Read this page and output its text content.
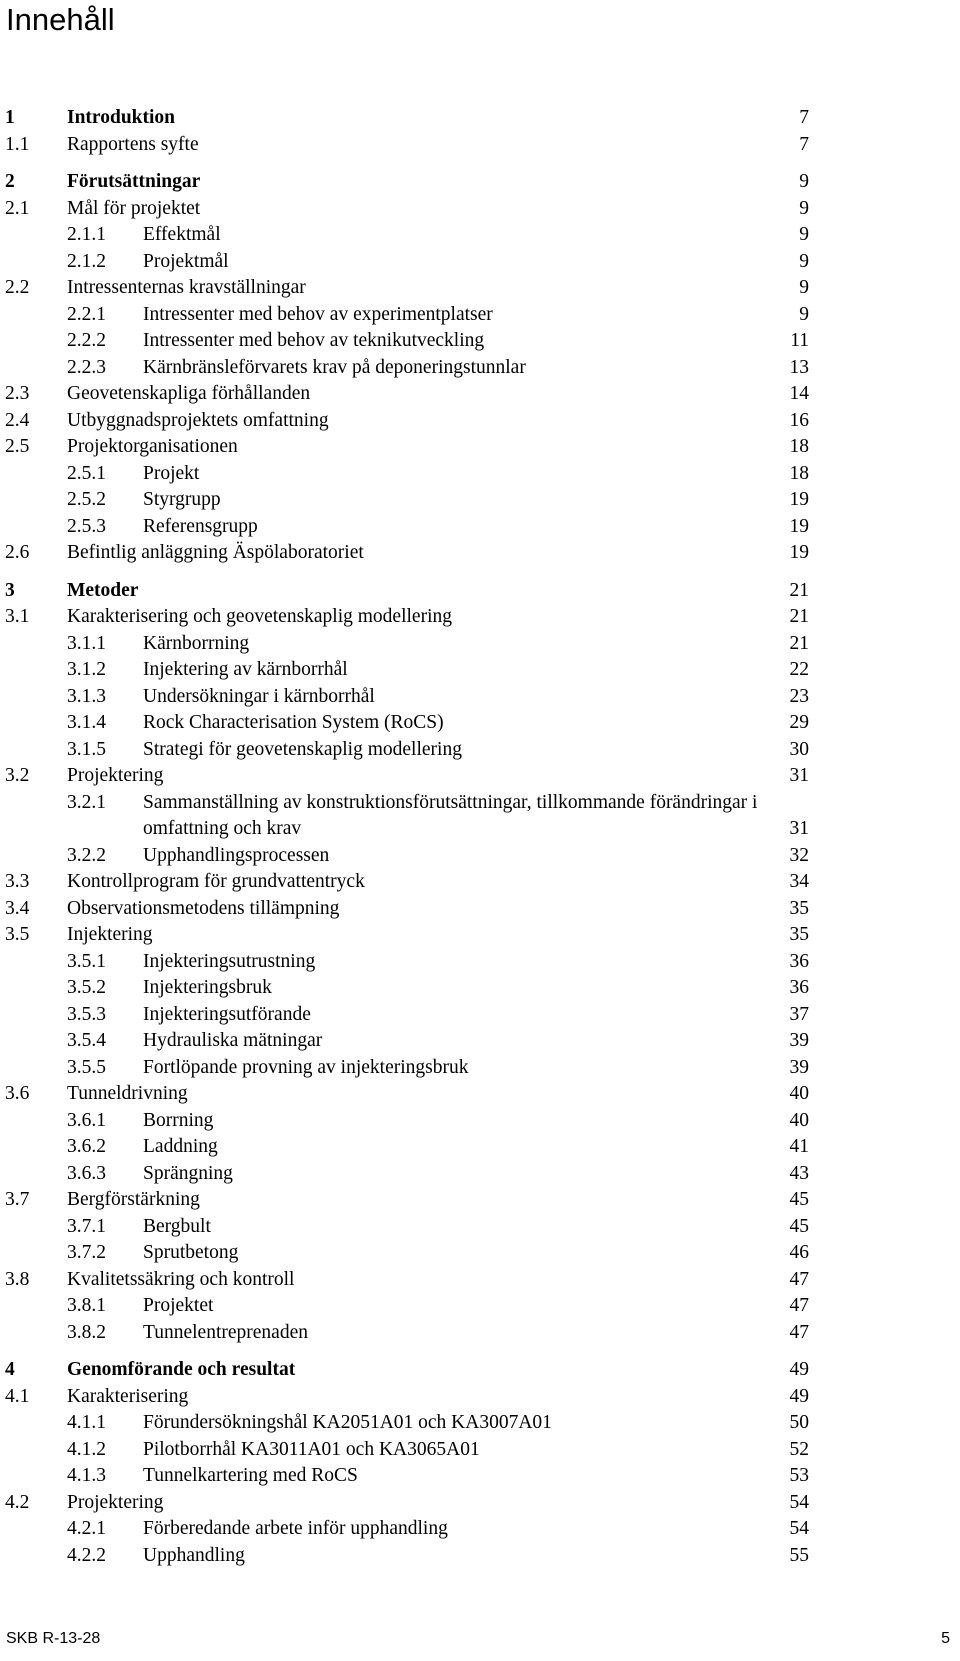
Innehåll
1	Introduktion	7
1.1 Rapportens syfte	7
2	Förutsättningar	9
2.1 Mål för projektet	9
2.1.1 Effektmål	9
2.1.2 Projektmål	9
2.2 Intressenternas kravställningar	9
2.2.1 Intressenter med behov av experimentplatser	9
2.2.2 Intressenter med behov av teknikutveckling	11
2.2.3 Kärnbränsleförvarets krav på deponeringstunnlar	13
2.3 Geovetenskapliga förhållanden	14
2.4 Utbyggnadsprojektets omfattning	16
2.5 Projektorganisationen	18
2.5.1 Projekt	18
2.5.2 Styrgrupp	19
2.5.3 Referensgrupp	19
2.6 Befintlig anläggning Äspölaboratoriet	19
3	Metoder	21
3.1 Karakterisering och geovetenskaplig modellering	21
3.1.1 Kärnborrning	21
3.1.2 Injektering av kärnborrhål	22
3.1.3 Undersökningar i kärnborrhål	23
3.1.4 Rock Characterisation System (RoCS)	29
3.1.5 Strategi för geovetenskaplig modellering	30
3.2 Projektering	31
3.2.1 Sammanställning av konstruktionsförutsättningar, tillkommande förändringar i omfattning och krav	31
3.2.2 Upphandlingsprocessen	32
3.3 Kontrollprogram för grundvattentryck	34
3.4 Observationsmetodens tillämpning	35
3.5 Injektering	35
3.5.1 Injekteringsutrustning	36
3.5.2 Injekteringsbruk	36
3.5.3 Injekteringsutförande	37
3.5.4 Hydrauliska mätningar	39
3.5.5 Fortlöpande provning av injekteringsbruk	39
3.6 Tunneldrivning	40
3.6.1 Borrning	40
3.6.2 Laddning	41
3.6.3 Sprängning	43
3.7 Bergförstärkning	45
3.7.1 Bergbult	45
3.7.2 Sprutbetong	46
3.8 Kvalitetssäkring och kontroll	47
3.8.1 Projektet	47
3.8.2 Tunnelentreprenaden	47
4	Genomförande och resultat	49
4.1 Karakterisering	49
4.1.1 Förundersökningshål KA2051A01 och KA3007A01	50
4.1.2 Pilotborrhål KA3011A01 och KA3065A01	52
4.1.3 Tunnelkartering med RoCS	53
4.2 Projektering	54
4.2.1 Förberedande arbete inför upphandling	54
4.2.2 Upphandling	55
SKB R-13-28	5
